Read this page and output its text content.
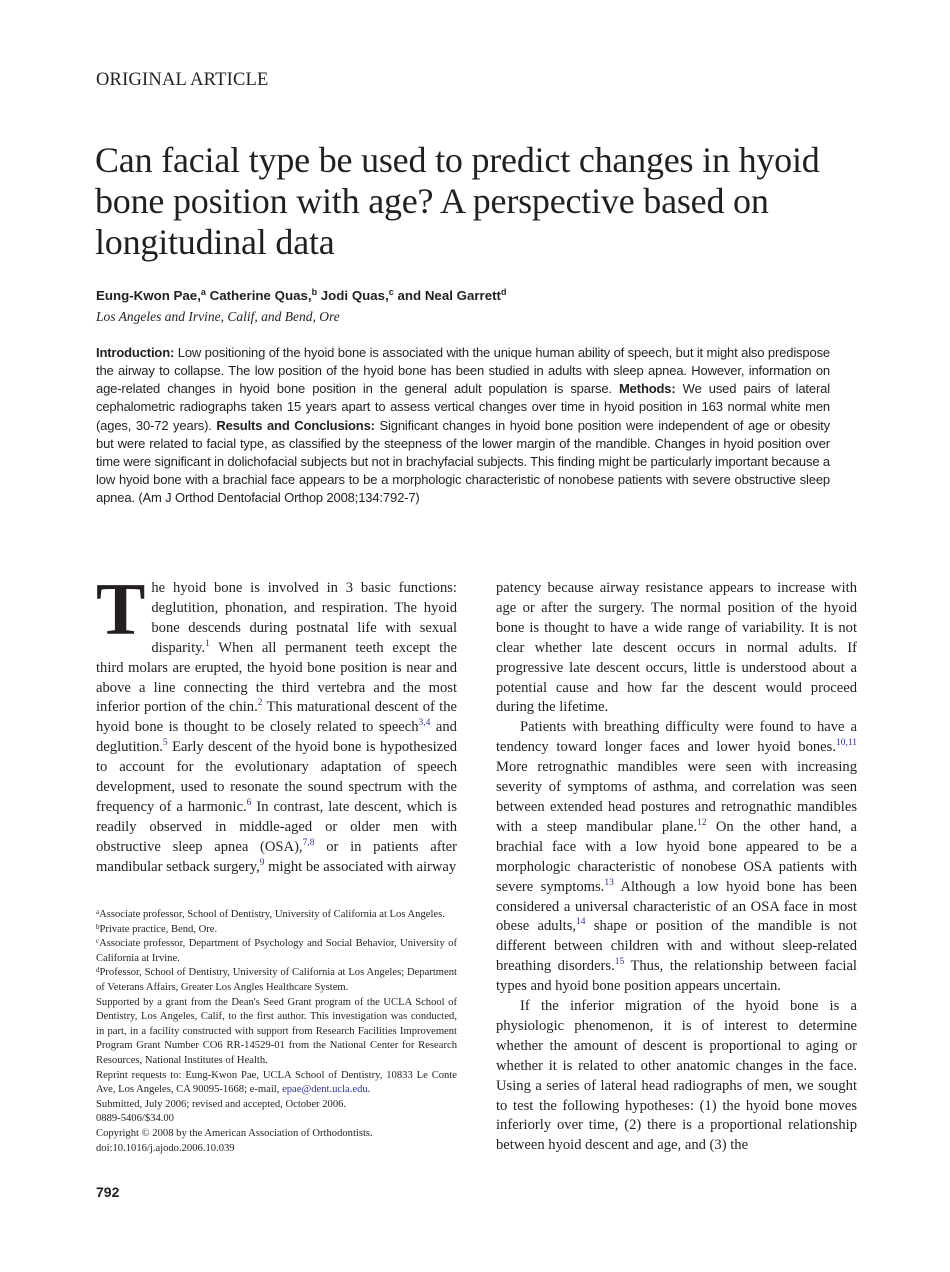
ORIGINAL ARTICLE
Can facial type be used to predict changes in hyoid bone position with age? A perspective based on longitudinal data
Eung-Kwon Pae,$^a$ Catherine Quas,$^b$ Jodi Quas,$^c$ and Neal Garrett$^d$
Los Angeles and Irvine, Calif, and Bend, Ore
Introduction: Low positioning of the hyoid bone is associated with the unique human ability of speech, but it might also predispose the airway to collapse. The low position of the hyoid bone has been studied in adults with sleep apnea. However, information on age-related changes in hyoid bone position in the general adult population is sparse. Methods: We used pairs of lateral cephalometric radiographs taken 15 years apart to assess vertical changes over time in hyoid position in 163 normal white men (ages, 30-72 years). Results and Conclusions: Significant changes in hyoid bone position were independent of age or obesity but were related to facial type, as classified by the steepness of the lower margin of the mandible. Changes in hyoid position over time were significant in dolichofacial subjects but not in brachyfacial subjects. This finding might be particularly important because a low hyoid bone with a brachial face appears to be a morphologic characteristic of nonobese patients with severe obstructive sleep apnea. (Am J Orthod Dentofacial Orthop 2008;134:792-7)

The hyoid bone is involved in 3 basic functions: deglutition, phonation, and respiration. The hyoid bone descends during postnatal life with sexual disparity.$^1$ When all permanent teeth except the third molars are erupted, the hyoid bone position is near and above a line connecting the third vertebra and the most inferior portion of the chin.$^2$ This maturational descent of the hyoid bone is thought to be closely related to speech$^{3,4}$ and deglutition.$^5$ Early descent of the hyoid bone is hypothesized to account for the evolutionary adaptation of speech development, used to resonate the sound spectrum with the frequency of a harmonic.$^6$ In contrast, late descent, which is readily observed in middle-aged or older men with obstructive sleep apnea (OSA),$^{7,8}$ or in patients after mandibular setback surgery,$^9$ might be associated with airway

$^a$Associate professor, School of Dentistry, University of California at Los Angeles.

$^b$Private practice, Bend, Ore.

$^c$Associate professor, Department of Psychology and Social Behavior, University of California at Irvine.

$^d$Professor, School of Dentistry, University of California at Los Angeles; Department of Veterans Affairs, Greater Los Angles Healthcare System.

Supported by a grant from the Dean's Seed Grant program of the UCLA School of Dentistry, Los Angeles, Calif, to the first author. This investigation was conducted, in part, in a facility constructed with support from Research Facilities Improvement Program Grant Number CO6 RR-14529-01 from the National Center for Research Resources, National Institutes of Health.

Reprint requests to: Eung-Kwon Pae, UCLA School of Dentistry, 10833 Le Conte Ave, Los Angeles, CA 90095-1668; e-mail, epae@dent.ucla.edu.

Submitted, July 2006; revised and accepted, October 2006.

0889-5406/$34.00

Copyright © 2008 by the American Association of Orthodontists.

doi:10.1016/j.ajodo.2006.10.039

792

patency because airway resistance appears to increase with age or after the surgery. The normal position of the hyoid bone is thought to have a wide range of variability. It is not clear whether late descent occurs in normal adults. If progressive late descent occurs, little is understood about a potential cause and how far the descent would proceed during the lifetime.

Patients with breathing difficulty were found to have a tendency toward longer faces and lower hyoid bones.$^{10,11}$ More retrognathic mandibles were seen with increasing severity of symptoms of asthma, and correlation was seen between extended head postures and retrognathic mandibles with a steep mandibular plane.$^{12}$ On the other hand, a brachial face with a low hyoid bone appeared to be a morphologic characteristic of nonobese OSA patients with severe symptoms.$^{13}$ Although a low hyoid bone has been considered a universal characteristic of an OSA face in most obese adults,$^{14}$ shape or position of the mandible is not different between children with and without sleep-related breathing disorders.$^{15}$ Thus, the relationship between facial types and hyoid bone position appears uncertain.

If the inferior migration of the hyoid bone is a physiologic phenomenon, it is of interest to determine whether the amount of descent is proportional to aging or whether it is related to other anatomic changes in the face. Using a series of lateral head radiographs of men, we sought to test the following hypotheses: (1) the hyoid bone moves inferiorly over time, (2) there is a proportional relationship between hyoid descent and age, and (3) the
